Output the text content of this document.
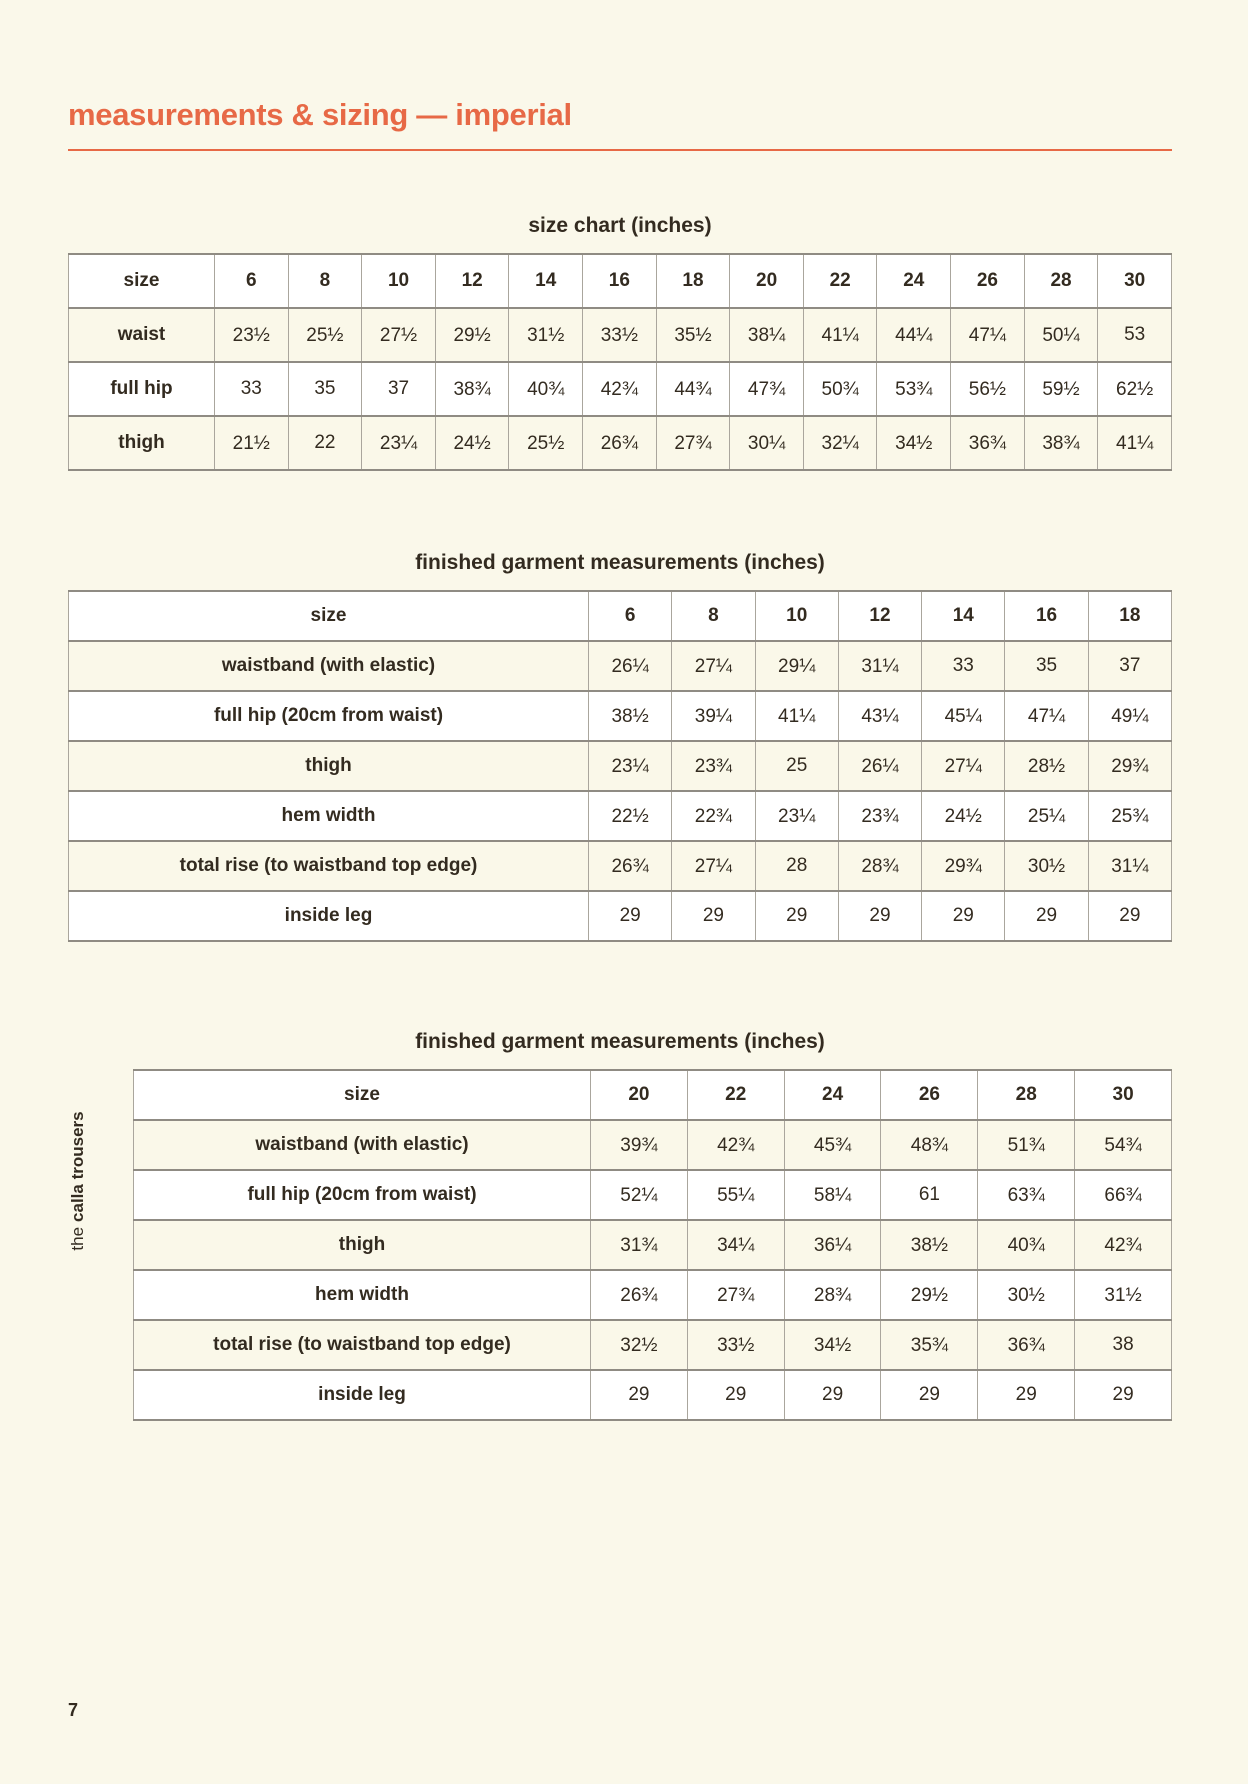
measurements & sizing — imperial
size chart (inches)
size	6	8	10	12	14	16	18	20	22	24	26	28	30
waist	23½	25½	27½	29½	31½	33½	35½	38¼	41¼	44¼	47¼	50¼	53
full hip	33	35	37	38¾	40¾	42¾	44¾	47¾	50¾	53¾	56½	59½	62½
thigh	21½	22	23¼	24½	25½	26¾	27¾	30¼	32¼	34½	36¾	38¾	41¼
finished garment measurements (inches)
size	6	8	10	12	14	16	18
waistband (with elastic)	26¼	27¼	29¼	31¼	33	35	37
full hip (20cm from waist)	38½	39¼	41¼	43¼	45¼	47¼	49¼
thigh	23¼	23¾	25	26¼	27¼	28½	29¾
hem width	22½	22¾	23¼	23¾	24½	25¼	25¾
total rise (to waistband top edge)	26¾	27¼	28	28¾	29¾	30½	31¼
inside leg	29	29	29	29	29	29	29
finished garment measurements (inches)
size	20	22	24	26	28	30
waistband (with elastic)	39¾	42¾	45¾	48¾	51¾	54¾
full hip (20cm from waist)	52¼	55¼	58¼	61	63¾	66¾
thigh	31¾	34¼	36¼	38½	40¾	42¾
hem width	26¾	27¾	28¾	29½	30½	31½
total rise (to waistband top edge)	32½	33½	34½	35¾	36¾	38
inside leg	29	29	29	29	29	29
thecalla trousers
7
